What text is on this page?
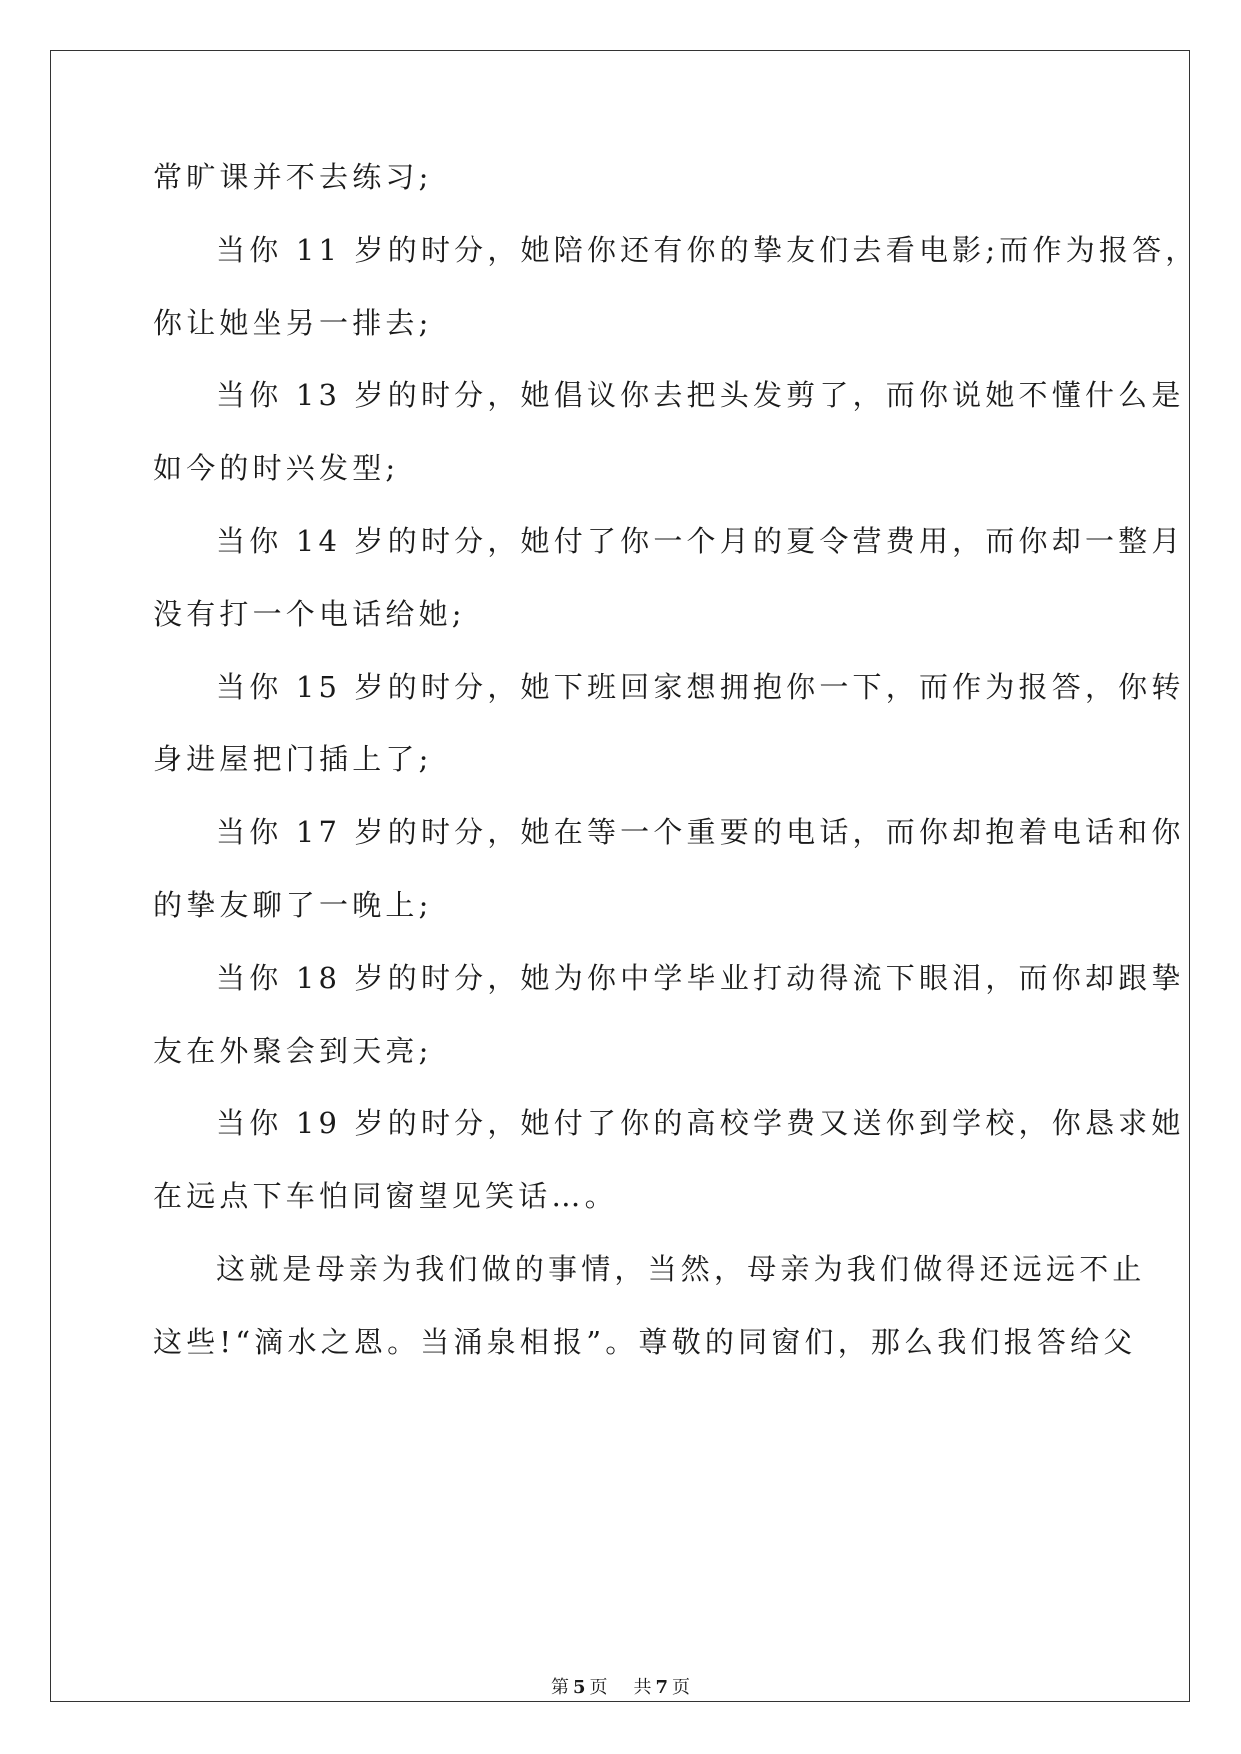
常旷课并不去练习;
当你 11 岁的时分，她陪你还有你的挚友们去看电影;而作为报答，
你让她坐另一排去;
当你 13 岁的时分，她倡议你去把头发剪了，而你说她不懂什么是
如今的时兴发型;
当你 14 岁的时分，她付了你一个月的夏令营费用，而你却一整月
没有打一个电话给她;
当你 15 岁的时分，她下班回家想拥抱你一下，而作为报答，你转
身进屋把门插上了;
当你 17 岁的时分，她在等一个重要的电话，而你却抱着电话和你
的挚友聊了一晚上;
当你 18 岁的时分，她为你中学毕业打动得流下眼泪，而你却跟挚
友在外聚会到天亮;
当你 19 岁的时分，她付了你的高校学费又送你到学校，你恳求她
在远点下车怕同窗望见笑话…。
这就是母亲为我们做的事情，当然，母亲为我们做得还远远不止
这些!“滴水之恩。当涌泉相报”。尊敬的同窗们，那么我们报答给父
第 5 页 共 7 页
